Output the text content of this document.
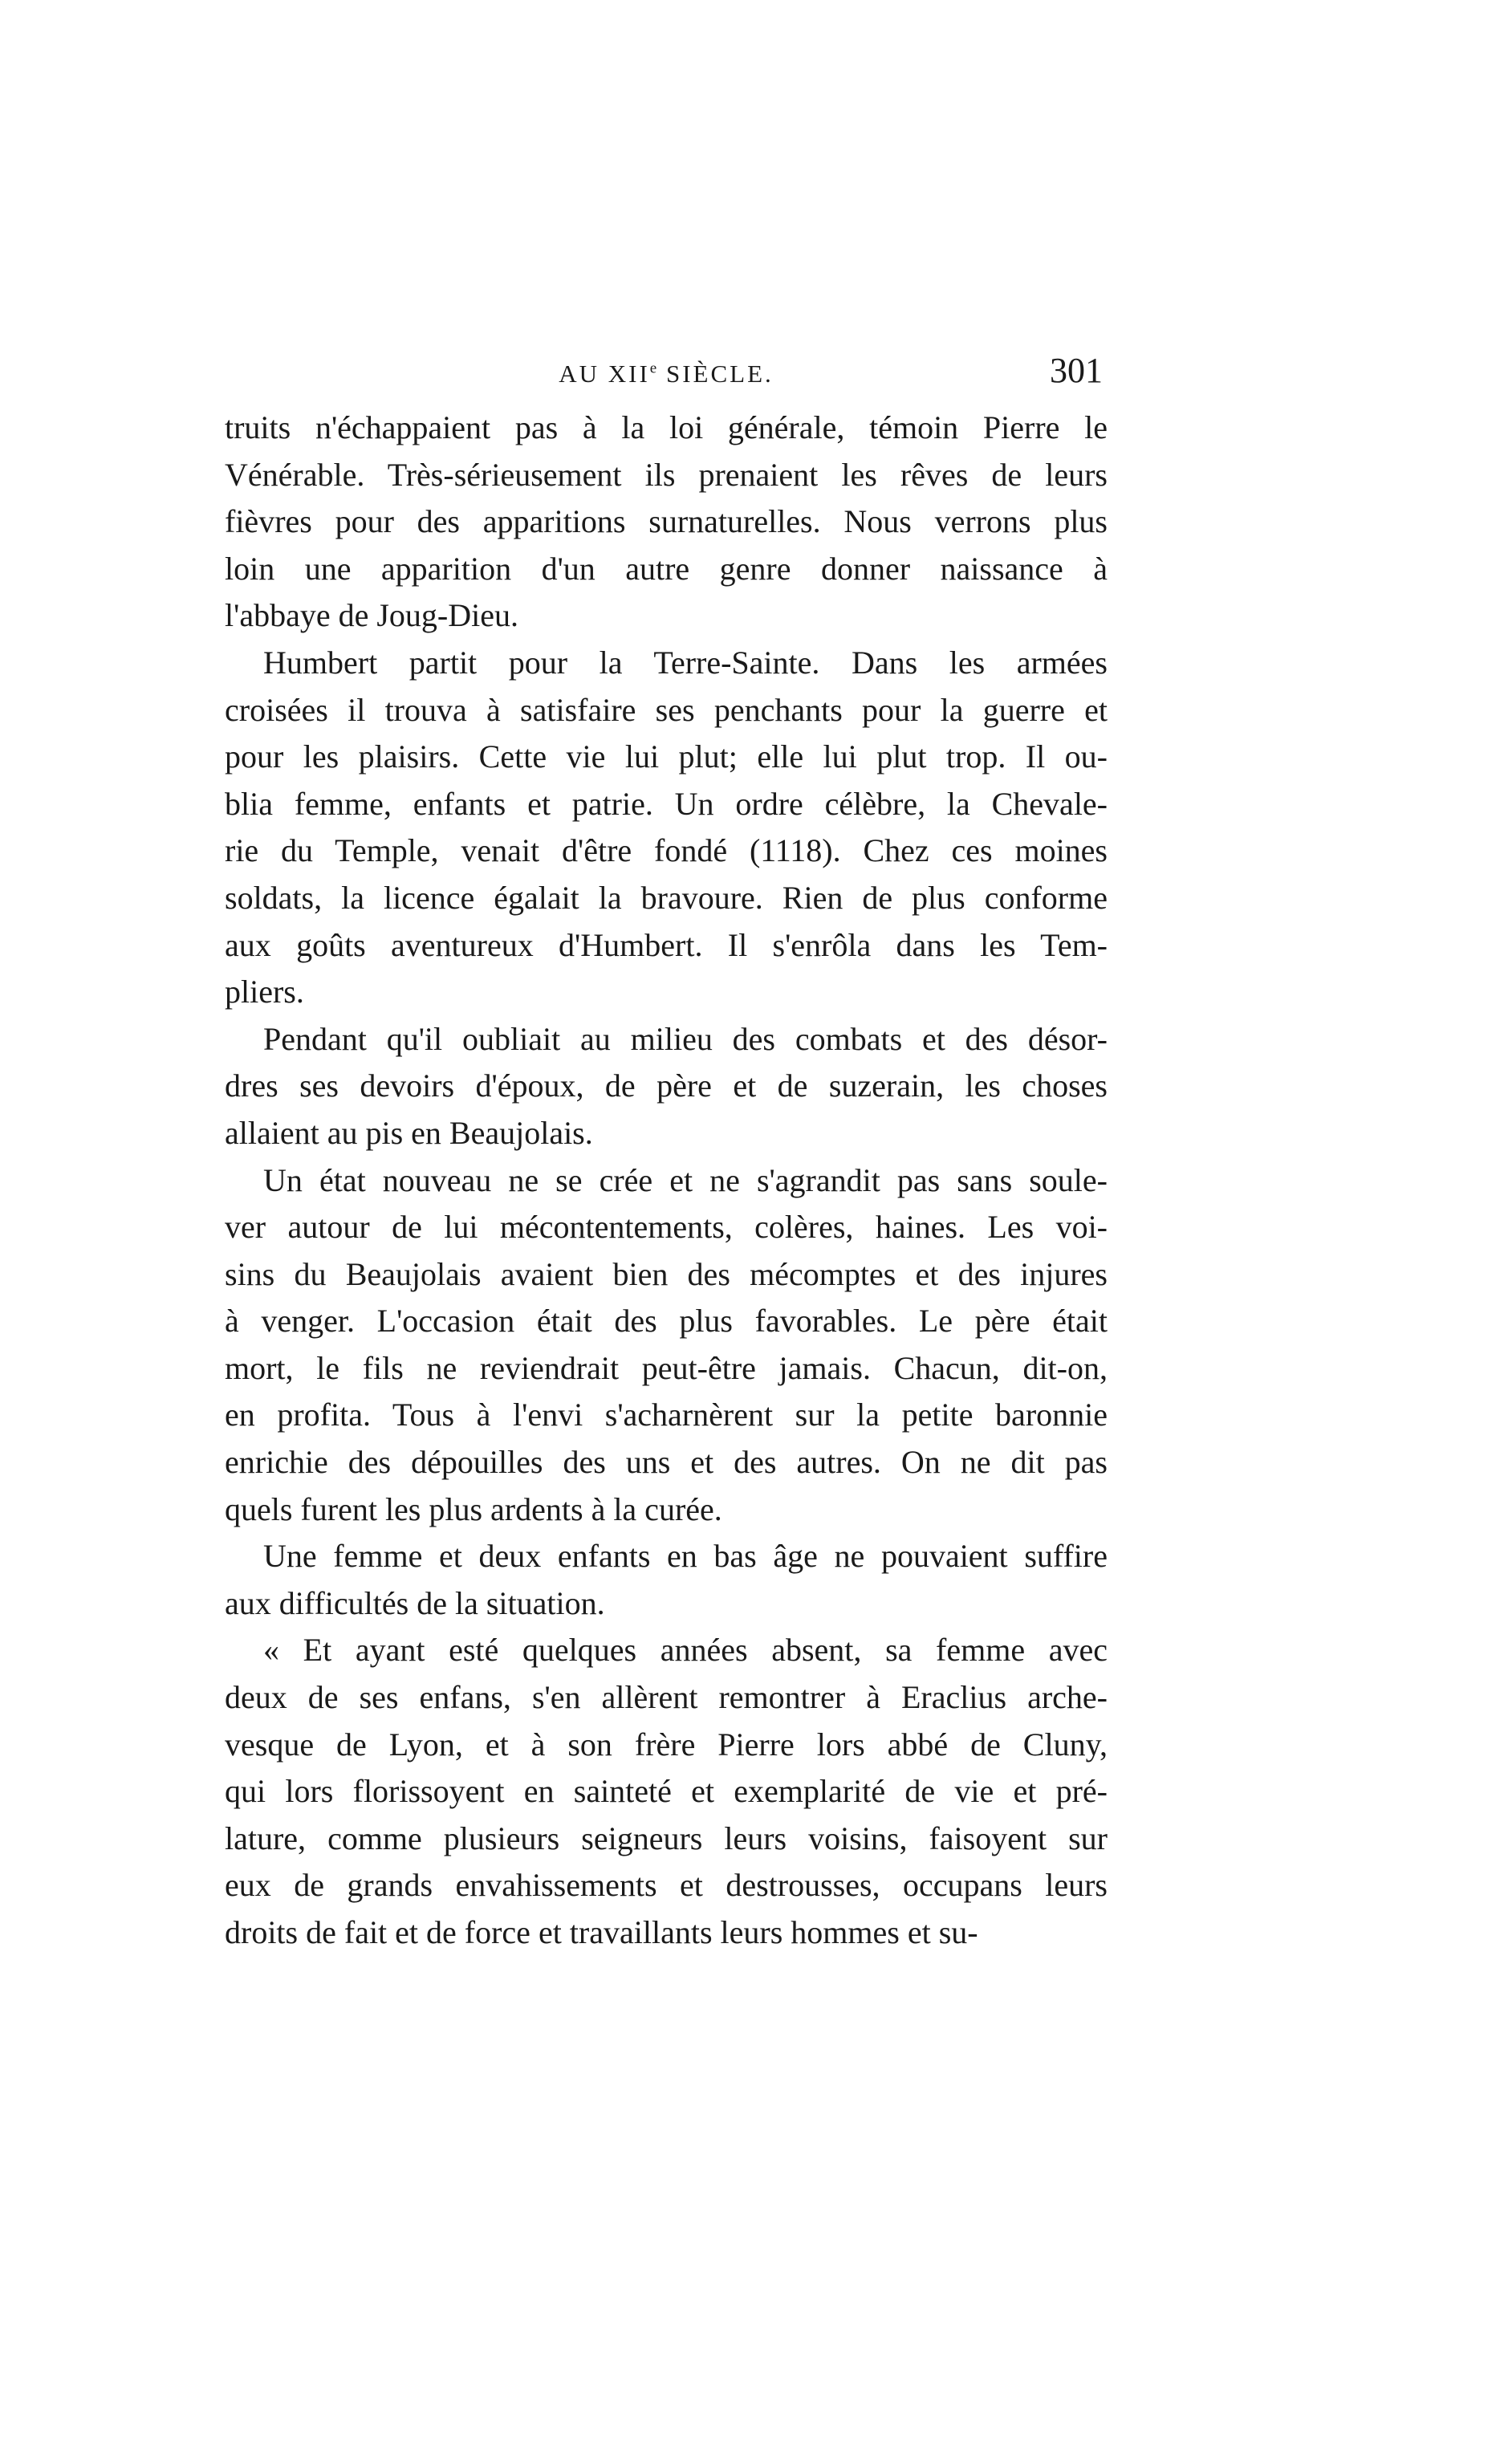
AU XIIe SIÈCLE.	301
truits n'échappaient pas à la loi générale, témoin Pierre le
Vénérable. Très-sérieusement ils prenaient les rêves de leurs
fièvres pour des apparitions surnaturelles. Nous verrons plus
loin une apparition d'un autre genre donner naissance à
l'abbaye de Joug-Dieu.
Humbert partit pour la Terre-Sainte. Dans les armées
croisées il trouva à satisfaire ses penchants pour la guerre et
pour les plaisirs. Cette vie lui plut; elle lui plut trop. Il ou-
blia femme, enfants et patrie. Un ordre célèbre, la Chevale-
rie du Temple, venait d'être fondé (1118). Chez ces moines
soldats, la licence égalait la bravoure. Rien de plus conforme
aux goûts aventureux d'Humbert. Il s'enrôla dans les Tem-
pliers.
Pendant qu'il oubliait au milieu des combats et des désor-
dres ses devoirs d'époux, de père et de suzerain, les choses
allaient au pis en Beaujolais.
Un état nouveau ne se crée et ne s'agrandit pas sans soule-
ver autour de lui mécontentements, colères, haines. Les voi-
sins du Beaujolais avaient bien des mécomptes et des injures
à venger. L'occasion était des plus favorables. Le père était
mort, le fils ne reviendrait peut-être jamais. Chacun, dit-on,
en profita. Tous à l'envi s'acharnèrent sur la petite baronnie
enrichie des dépouilles des uns et des autres. On ne dit pas
quels furent les plus ardents à la curée.
Une femme et deux enfants en bas âge ne pouvaient suffire
aux difficultés de la situation.
« Et ayant esté quelques années absent, sa femme avec
deux de ses enfans, s'en allèrent remontrer à Eraclius arche-
vesque de Lyon, et à son frère Pierre lors abbé de Cluny,
qui lors florissoyent en sainteté et exemplarité de vie et pré-
lature, comme plusieurs seigneurs leurs voisins, faisoyent sur
eux de grands envahissements et destrousses, occupans leurs
droits de fait et de force et travaillants leurs hommes et su-
